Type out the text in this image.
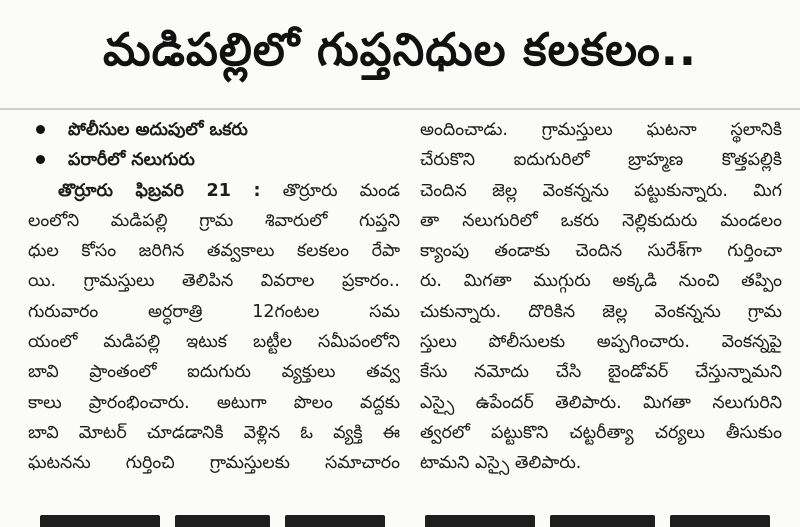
మడిపల్లిలో గుప్తనిధుల కలకలం..
పోలీసుల అదుపులో ఒకరు
పరారీలో నలుగురు
తొర్రూరు ఫిబ్రవరి 21 : తొర్రూరు మండ
లంలోని మడిపల్లి గ్రామ శివారులో గుప్తని
ధుల కోసం జరిగిన తవ్వకాలు కలకలం రేపా
యి. గ్రామస్తులు తెలిపిన వివరాల ప్రకారం..
గురువారం అర్ధరాత్రి 12గంటల సమ
యంలో మడిపల్లి ఇటుక బట్టీల సమీపంలోని
బావి ప్రాంతంలో ఐదుగురు వ్యక్తులు తవ్వ
కాలు ప్రారంభించారు. అటుగా పొలం వద్దకు
బావి మోటర్ చూడడానికి వెళ్లిన ఓ వ్యక్తి ఈ
ఘటనను గుర్తించి గ్రామస్తులకు సమాచారం
అందించాడు. గ్రామస్తులు ఘటనా స్థలానికి
చేరుకొని ఐదుగురిలో బ్రాహ్మణ కొత్తపల్లికి
చెందిన జెల్ల వెంకన్నను పట్టుకున్నారు. మిగ
తా నలుగురిలో ఒకరు నెల్లికుదురు మండలం
క్యాంపు తండాకు చెందిన సురేశ్‌గా గుర్తించా
రు. మిగతా ముగ్గురు అక్కడి నుంచి తప్పిం
చుకున్నారు. దొరికిన జెల్ల వెంకన్నను గ్రామ
స్తులు పోలీసులకు అప్పగించారు. వెంకన్నపై
కేసు నమోదు చేసి బైండోవర్ చేస్తున్నామని
ఎస్సై ఉపేందర్ తెలిపారు. మిగతా నలుగురిని
త్వరలో పట్టుకొని చట్టరీత్యా చర్యలు తీసుకుం
టామని ఎస్సై తెలిపారు.
